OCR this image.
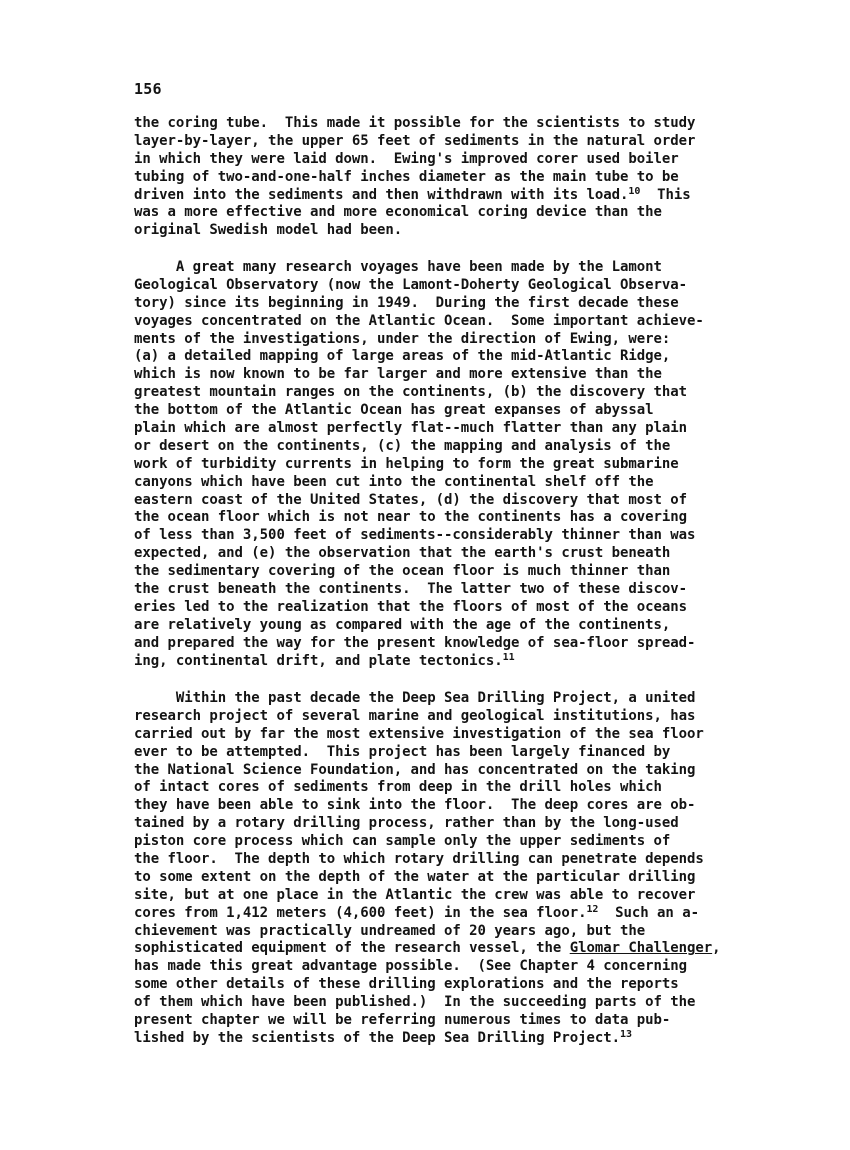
156
the coring tube.  This made it possible for the scientists to study
layer-by-layer, the upper 65 feet of sediments in the natural order
in which they were laid down.  Ewing's improved corer used boiler
tubing of two-and-one-half inches diameter as the main tube to be
driven into the sediments and then withdrawn with its load.$^{10}$  This
was a more effective and more economical coring device than the
original Swedish model had been.
A great many research voyages have been made by the Lamont
Geological Observatory (now the Lamont-Doherty Geological Observa-
tory) since its beginning in 1949.  During the first decade these
voyages concentrated on the Atlantic Ocean.  Some important achieve-
ments of the investigations, under the direction of Ewing, were:
(a) a detailed mapping of large areas of the mid-Atlantic Ridge,
which is now known to be far larger and more extensive than the
greatest mountain ranges on the continents, (b) the discovery that
the bottom of the Atlantic Ocean has great expanses of abyssal
plain which are almost perfectly flat--much flatter than any plain
or desert on the continents, (c) the mapping and analysis of the
work of turbidity currents in helping to form the great submarine
canyons which have been cut into the continental shelf off the
eastern coast of the United States, (d) the discovery that most of
the ocean floor which is not near to the continents has a covering
of less than 3,500 feet of sediments--considerably thinner than was
expected, and (e) the observation that the earth's crust beneath
the sedimentary covering of the ocean floor is much thinner than
the crust beneath the continents.  The latter two of these discov-
eries led to the realization that the floors of most of the oceans
are relatively young as compared with the age of the continents,
and prepared the way for the present knowledge of sea-floor spread-
ing, continental drift, and plate tectonics.$^{11}$
Within the past decade the Deep Sea Drilling Project, a united
research project of several marine and geological institutions, has
carried out by far the most extensive investigation of the sea floor
ever to be attempted.  This project has been largely financed by
the National Science Foundation, and has concentrated on the taking
of intact cores of sediments from deep in the drill holes which
they have been able to sink into the floor.  The deep cores are ob-
tained by a rotary drilling process, rather than by the long-used
piston core process which can sample only the upper sediments of
the floor.  The depth to which rotary drilling can penetrate depends
to some extent on the depth of the water at the particular drilling
site, but at one place in the Atlantic the crew was able to recover
cores from 1,412 meters (4,600 feet) in the sea floor.$^{12}$  Such an a-
chievement was practically undreamed of 20 years ago, but the
sophisticated equipment of the research vessel, the Glomar Challenger,
has made this great advantage possible.  (See Chapter 4 concerning
some other details of these drilling explorations and the reports
of them which have been published.)  In the succeeding parts of the
present chapter we will be referring numerous times to data pub-
lished by the scientists of the Deep Sea Drilling Project.$^{13}$
